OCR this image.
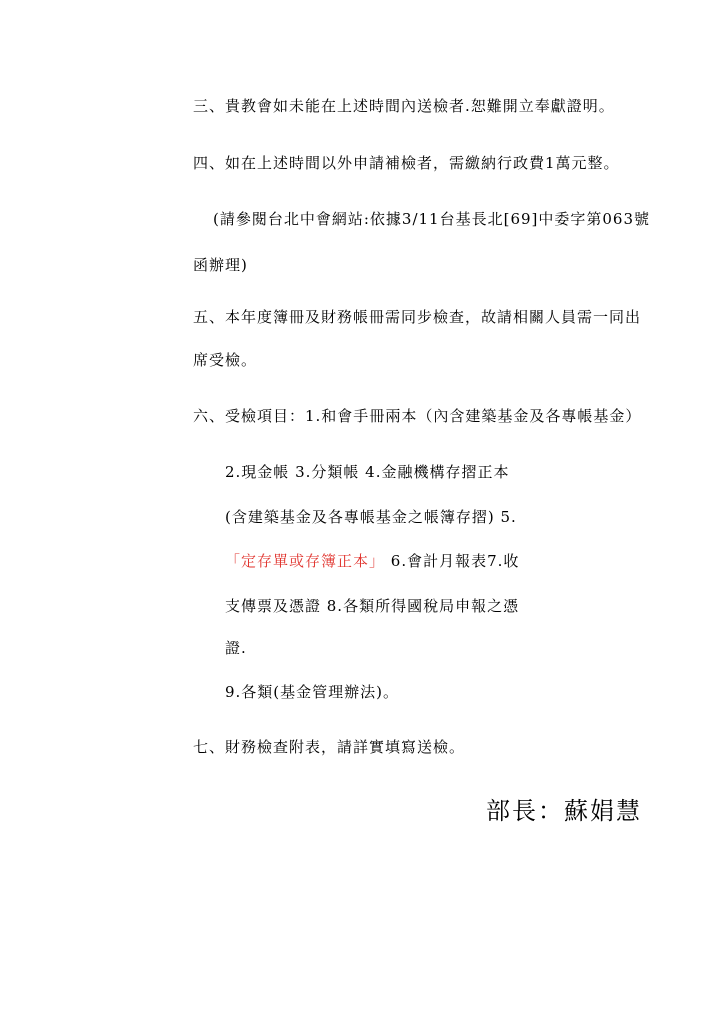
三、貴教會如未能在上述時間內送檢者.恕難開立奉獻證明。
四、如在上述時間以外申請補檢者，需繳納行政費1萬元整。
(請參閱台北中會網站:依據3/11台基長北[69]中委字第063號
函辦理)
五、本年度簿冊及財務帳冊需同步檢查，故請相關人員需一同出
席受檢。
六、受檢項目：1.和會手冊兩本（內含建築基金及各專帳基金）
2.現金帳 3.分類帳 4.金融機構存摺正本
(含建築基金及各專帳基金之帳簿存摺) 5.
「定存單或存簿正本」 6.會計月報表7.收
支傳票及憑證 8.各類所得國稅局申報之憑
證.
9.各類(基金管理辦法)。
七、財務檢查附表，請詳實填寫送檢。
部長：蘇娟慧
